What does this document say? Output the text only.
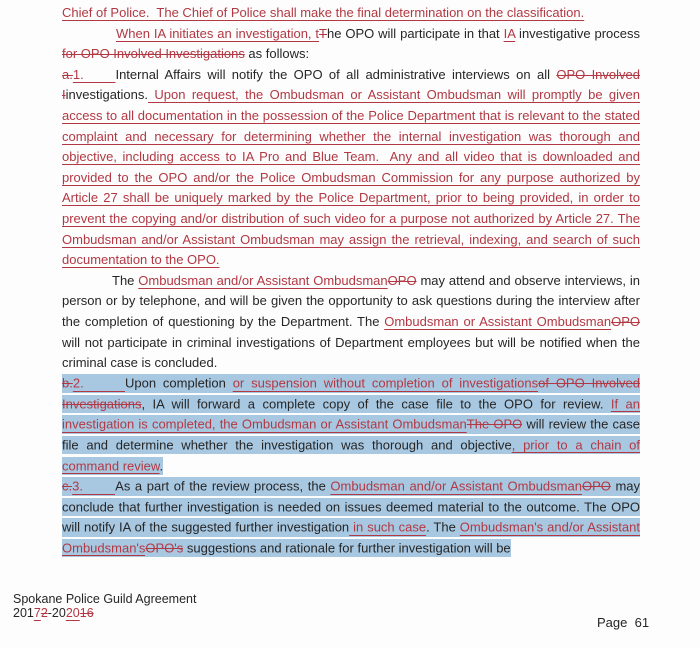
Chief of Police.  The Chief of Police shall make the final determination on the classification.

When IA initiates an investigation, tThe OPO will participate in that IA investigative process for OPO Involved Investigations as follows:

a.1.     Internal Affairs will notify the OPO of all administrative interviews on all OPO Involved Iinvestigations. Upon request, the Ombudsman or Assistant Ombudsman will promptly be given access to all documentation in the possession of the Police Department that is relevant to the stated complaint and necessary for determining whether the internal investigation was thorough and objective, including access to IA Pro and Blue Team.  Any and all video that is downloaded and provided to the OPO and/or the Police Ombudsman Commission for any purpose authorized by Article 27 shall be uniquely marked by the Police Department, prior to being provided, in order to prevent the copying and/or distribution of such video for a purpose not authorized by Article 27. The Ombudsman and/or Assistant Ombudsman may assign the retrieval, indexing, and search of such documentation to the OPO.

The Ombudsman and/or Assistant OmbudsmanOPO may attend and observe interviews, in person or by telephone, and will be given the opportunity to ask questions during the interview after the completion of questioning by the Department. The Ombudsman or Assistant OmbudsmanOPO will not participate in criminal investigations of Department employees but will be notified when the criminal case is concluded.

b.2.      Upon completion or suspension without completion of investigationsof OPO Involved Investigations, IA will forward a complete copy of the case file to the OPO for review. If an investigation is completed, the Ombudsman or Assistant OmbudsmanThe OPO will review the case file and determine whether the investigation was thorough and objective, prior to a chain of command review.

c.3.       As a part of the review process, the Ombudsman and/or Assistant OmbudsmanOPO may conclude that further investigation is needed on issues deemed material to the outcome. The OPO will notify IA of the suggested further investigation in such case. The Ombudsman's and/or Assistant Ombudsman'sOPO's suggestions and rationale for further investigation will be

Spokane Police Guild Agreement
20172-202016
Page  61
